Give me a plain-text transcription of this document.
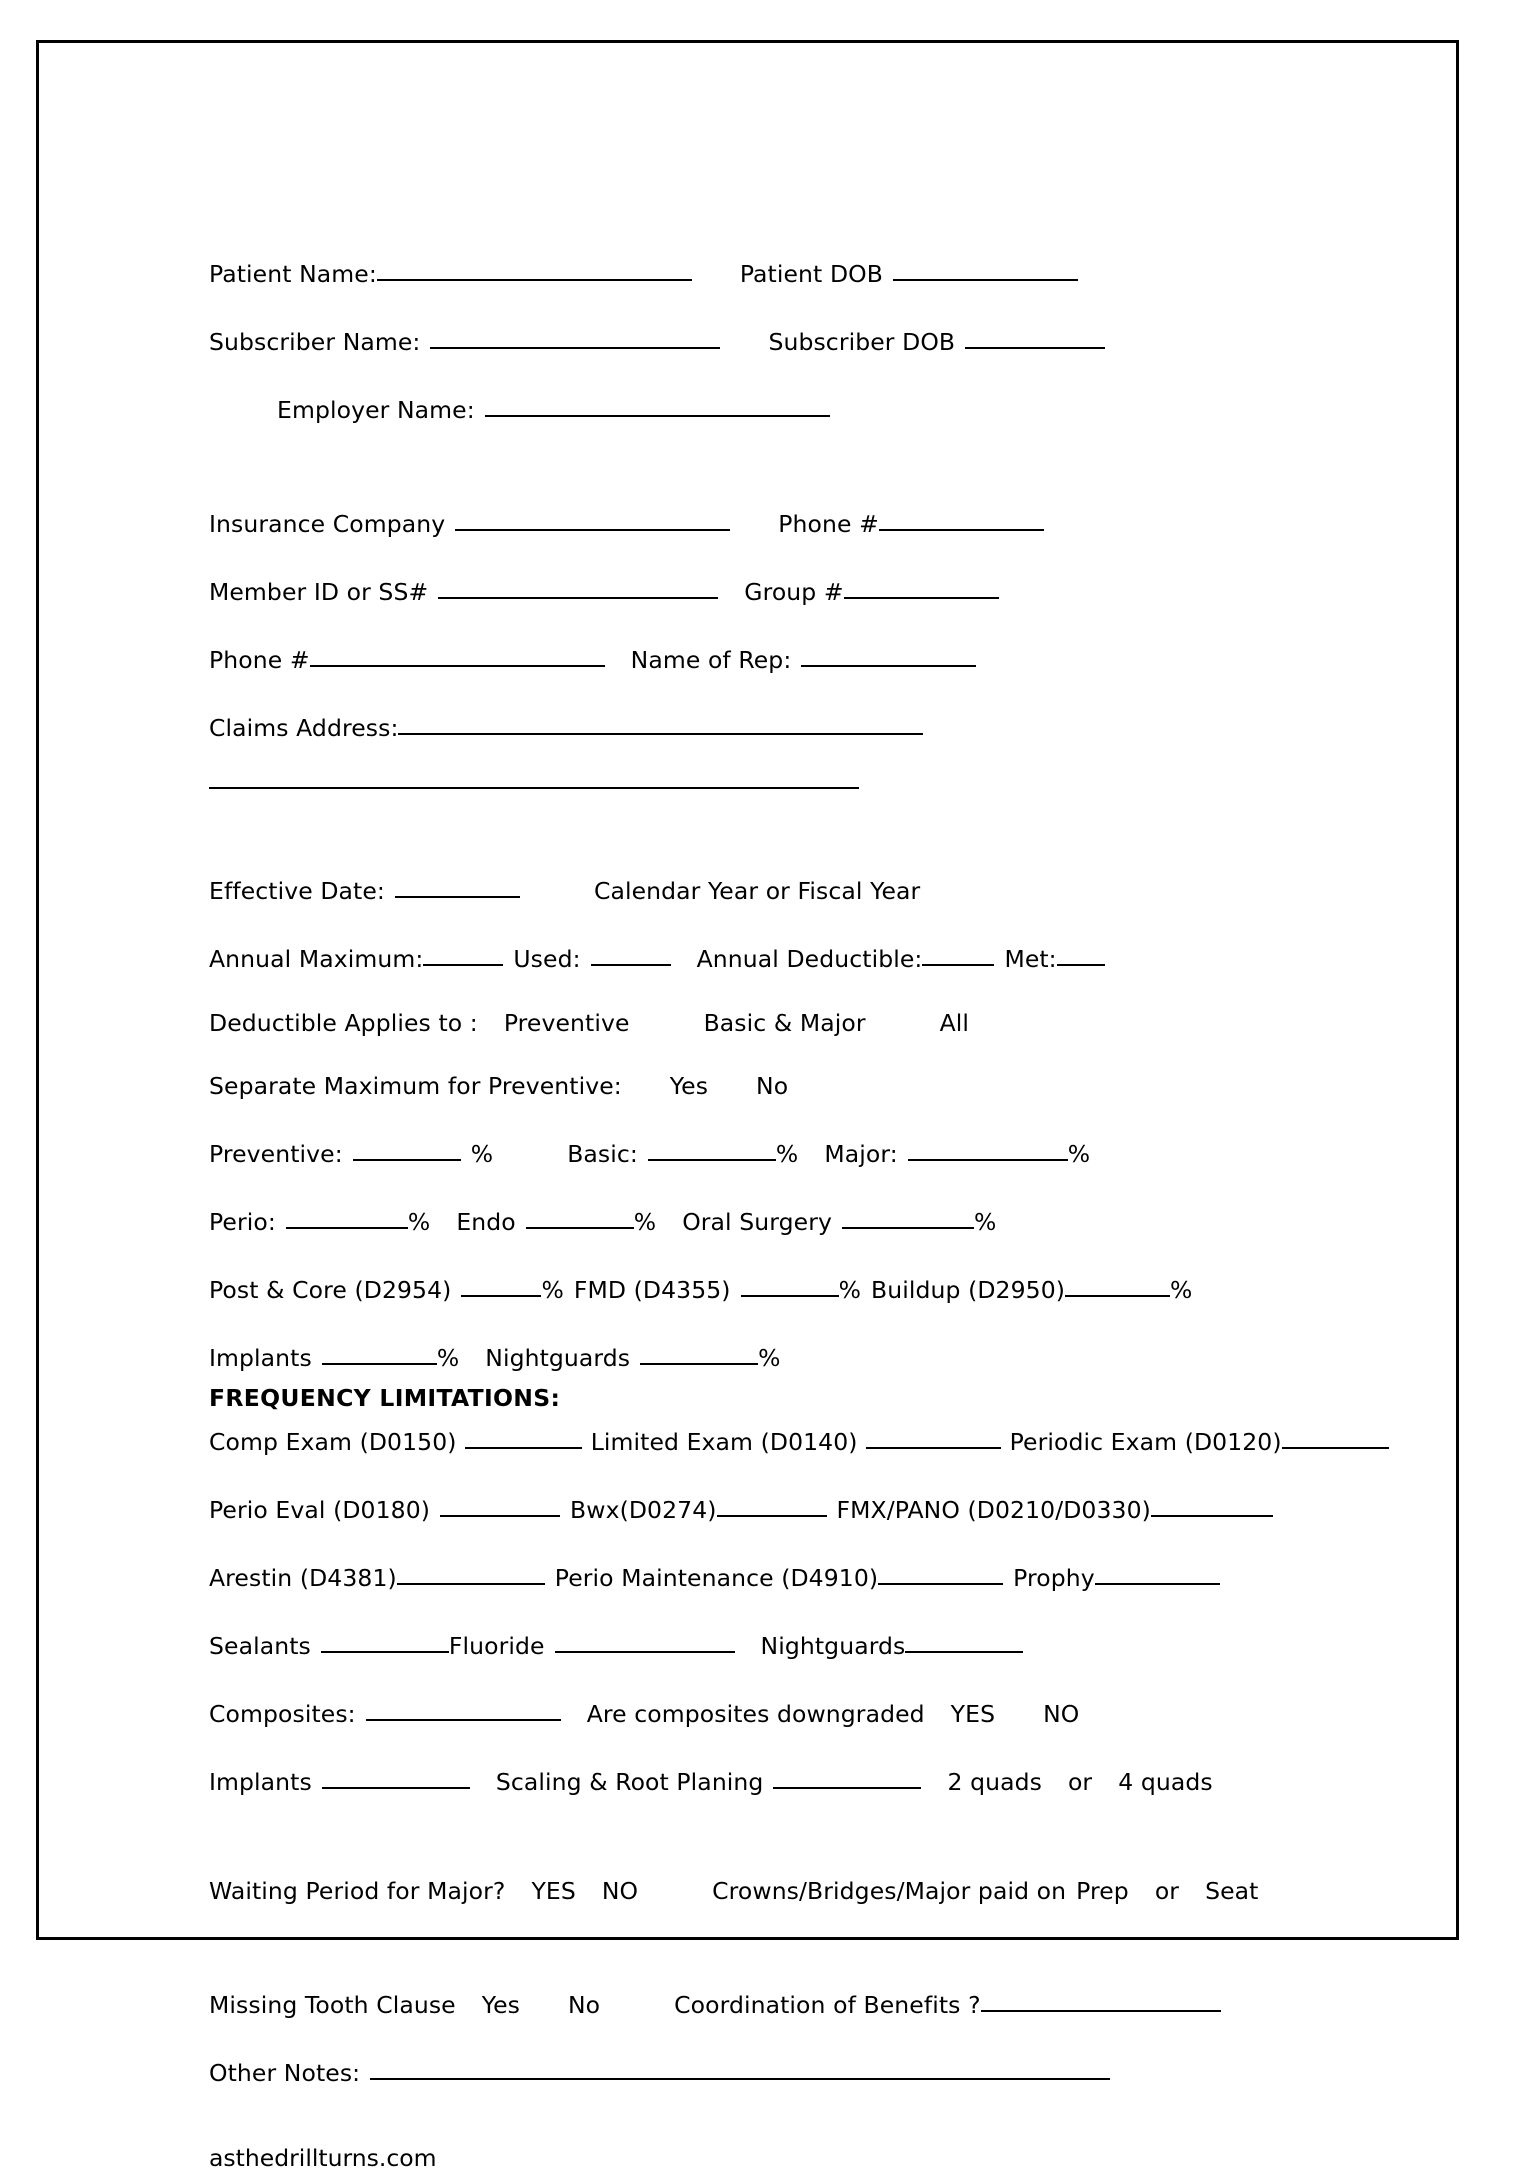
Patient Name:	Patient DOB
Subscriber Name:	Subscriber DOB
Employer Name:
Insurance Company	Phone #
Member ID or SS#	Group #
Phone #	Name of Rep:
Claims Address:
Effective Date:	Calendar Year or Fiscal Year
Annual Maximum:	Used:	Annual Deductible:	Met:
Deductible Applies to : Preventive	Basic & Major	All
Separate Maximum for Preventive: Yes No
Preventive:	%	Basic:	% Major:	%
Perio:	% Endo	% Oral Surgery	%
Post & Core (D2954)	% FMD (D4355)	% Buildup (D2950)	%
Implants	% Nightguards	%
FREQUENCY LIMITATIONS:
Comp Exam (D0150)	Limited Exam (D0140)	Periodic Exam (D0120)
Perio Eval (D0180)	Bwx(D0274)	FMX/PANO (D0210/D0330)
Arestin (D4381)	Perio Maintenance (D4910)	Prophy
Sealants	Fluoride	Nightguards
Composites:	Are composites downgraded YES NO
Implants	Scaling & Root Planing	2 quads or 4 quads
Waiting Period for Major? YES NO	Crowns/Bridges/Major paid on Prep or Seat
Missing Tooth Clause Yes No	Coordination of Benefits ?
Other Notes:
asthedrillturns.com
